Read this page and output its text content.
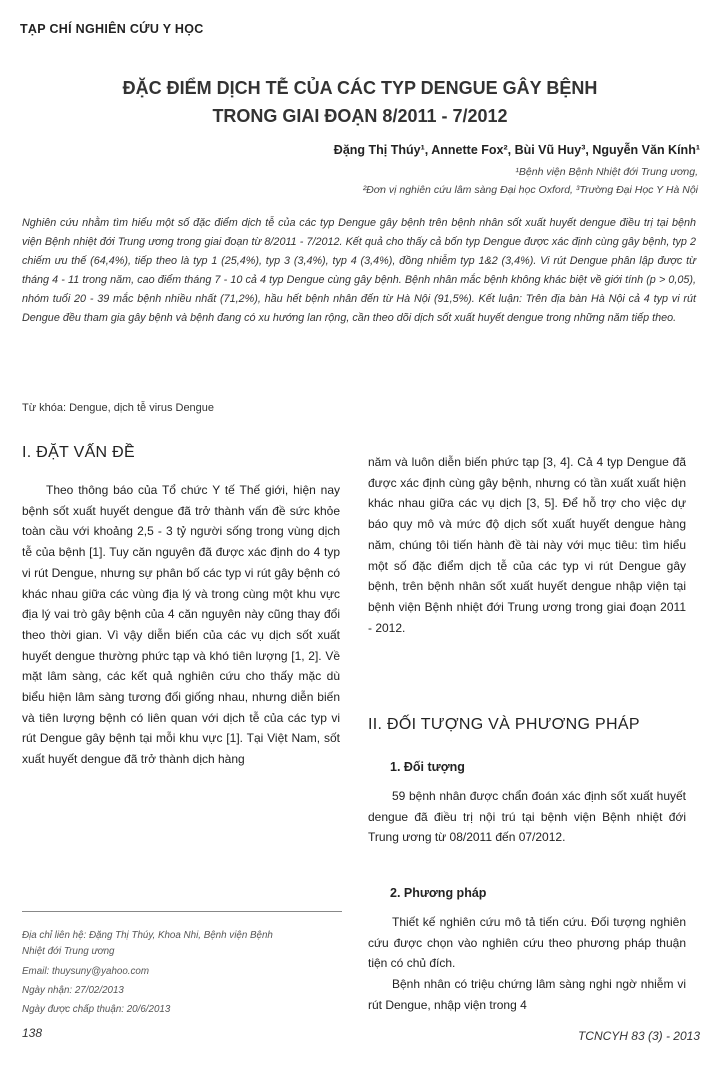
TẠP CHÍ NGHIÊN CỨU Y HỌC
ĐẶC ĐIỂM DỊCH TỄ CỦA CÁC TYP DENGUE GÂY BỆNH
TRONG GIAI ĐOẠN 8/2011 - 7/2012
Đặng Thị Thúy¹, Annette Fox², Bùi Vũ Huy³, Nguyễn Văn Kính¹
¹Bệnh viện Bệnh Nhiệt đới Trung ương,
²Đơn vị nghiên cứu lâm sàng Đại học Oxford, ³Trường Đại Học Y Hà Nội
Nghiên cứu nhằm tìm hiểu một số đặc điểm dịch tễ của các typ Dengue gây bệnh trên bệnh nhân sốt xuất huyết dengue điều trị tại bệnh viện Bệnh nhiệt đới Trung ương trong giai đoạn từ 8/2011 - 7/2012. Kết quả cho thấy cả bốn typ Dengue được xác định cùng gây bệnh, typ 2 chiếm ưu thế (64,4%), tiếp theo là typ 1 (25,4%), typ 3 (3,4%), typ 4 (3,4%), đồng nhiễm typ 1&2 (3,4%). Vi rút Dengue phân lập được từ tháng 4 - 11 trong năm, cao điểm tháng 7 - 10 cả 4 typ Dengue cùng gây bệnh. Bệnh nhân mắc bệnh không khác biệt về giới tính (p > 0,05), nhóm tuổi 20 - 39 mắc bệnh nhiều nhất (71,2%), hầu hết bệnh nhân đến từ Hà Nội (91,5%). Kết luận: Trên địa bàn Hà Nội cả 4 typ vi rút Dengue đều tham gia gây bệnh và bệnh đang có xu hướng lan rộng, cần theo dõi dịch sốt xuất huyết dengue trong những năm tiếp theo.
Từ khóa: Dengue, dịch tễ virus Dengue
I. ĐẶT VẤN ĐỀ

Theo thông báo của Tổ chức Y tế Thế giới, hiện nay bệnh sốt xuất huyết dengue đã trở thành vấn đề sức khỏe toàn cầu với khoảng 2,5 - 3 tỷ người sống trong vùng dịch tễ của bệnh [1]. Tuy căn nguyên đã được xác định do 4 typ vi rút Dengue, nhưng sự phân bố các typ vi rút gây bệnh có khác nhau giữa các vùng địa lý và trong cùng một khu vực địa lý vai trò gây bệnh của 4 căn nguyên này cũng thay đổi theo thời gian. Vì vậy diễn biến của các vụ dịch sốt xuất huyết dengue thường phức tạp và khó tiên lượng [1, 2]. Về mặt lâm sàng, các kết quả nghiên cứu cho thấy mặc dù biểu hiện lâm sàng tương đối giống nhau, nhưng diễn biến và tiên lượng bệnh có liên quan với dịch tễ của các typ vi rút Dengue gây bệnh tại mỗi khu vực [1]. Tại Việt Nam, sốt xuất huyết dengue đã trở thành dịch hàng

năm và luôn diễn biến phức tạp [3, 4]. Cả 4 typ Dengue đã được xác định cùng gây bệnh, nhưng có tần xuất xuất hiện khác nhau giữa các vụ dịch [3, 5]. Để hỗ trợ cho việc dự báo quy mô và mức độ dịch sốt xuất huyết dengue hàng năm, chúng tôi tiến hành đề tài này với mục tiêu: tìm hiểu một số đặc điểm dịch tễ của các typ vi rút Dengue gây bệnh, trên bệnh nhân sốt xuất huyết dengue nhập viện tại bệnh viện Bệnh nhiệt đới Trung ương trong giai đoạn 2011 - 2012.

II. ĐỐI TƯỢNG VÀ PHƯƠNG PHÁP
1. Đối tượng

59 bệnh nhân được chẩn đoán xác định sốt xuất huyết dengue đã điều trị nội trú tại bệnh viện Bệnh nhiệt đới Trung ương từ 08/2011 đến 07/2012.

2. Phương pháp

Thiết kế nghiên cứu mô tả tiến cứu. Đối tượng nghiên cứu được chọn vào nghiên cứu theo phương pháp thuận tiện có chủ đích.

Bệnh nhân có triệu chứng lâm sàng nghi ngờ nhiễm vi rút Dengue, nhập viện trong 4

Địa chỉ liên hệ: Đặng Thị Thúy, Khoa Nhi, Bệnh viện Bệnh
Nhiệt đới Trung ương
Email: thuysuny@yahoo.com
Ngày nhận: 27/02/2013
Ngày được chấp thuận: 20/6/2013
138	TCNCYH 83 (3) - 2013
